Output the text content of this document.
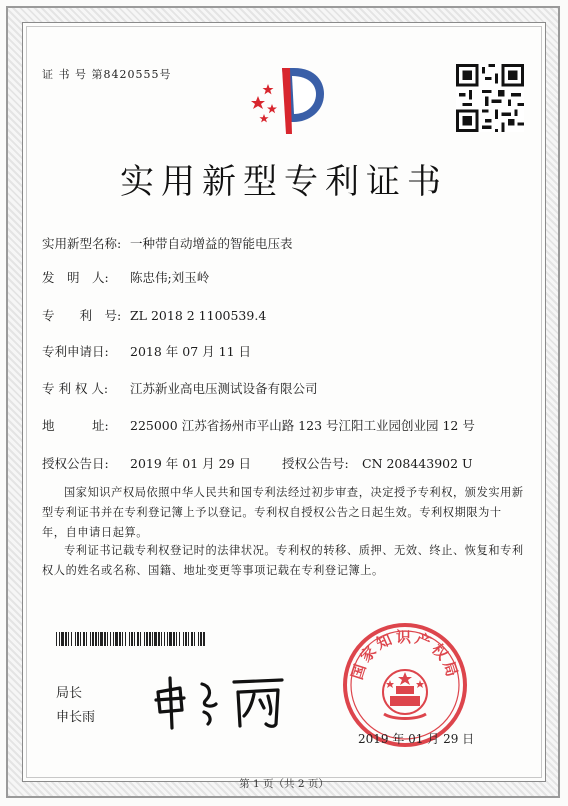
证 书 号 第8420555号
实用新型专利证书
实用新型名称: 一种带自动增益的智能电压表
发　明　人: 陈忠伟;刘玉岭
专　　利　号: ZL 2018 2 1100539.4
专利申请日: 2018 年 07 月 11 日
专 利 权 人: 江苏新业高电压测试设备有限公司
地　　　址: 225000 江苏省扬州市平山路 123 号江阳工业园创业园 12 号
授权公告日: 2019 年 01 月 29 日 授权公告号: CN 208443902 U
国家知识产权局依照中华人民共和国专利法经过初步审查，决定授予专利权，颁发实用新型专利证书并在专利登记簿上予以登记。专利权自授权公告之日起生效。专利权期限为十年，自申请日起算。
专利证书记载专利权登记时的法律状况。专利权的转移、质押、无效、终止、恢复和专利权人的姓名或名称、国籍、地址变更等事项记载在专利登记簿上。
局长
申长雨
国家知识产权局
2019 年 01 月 29 日
第 1 页（共 2 页）
